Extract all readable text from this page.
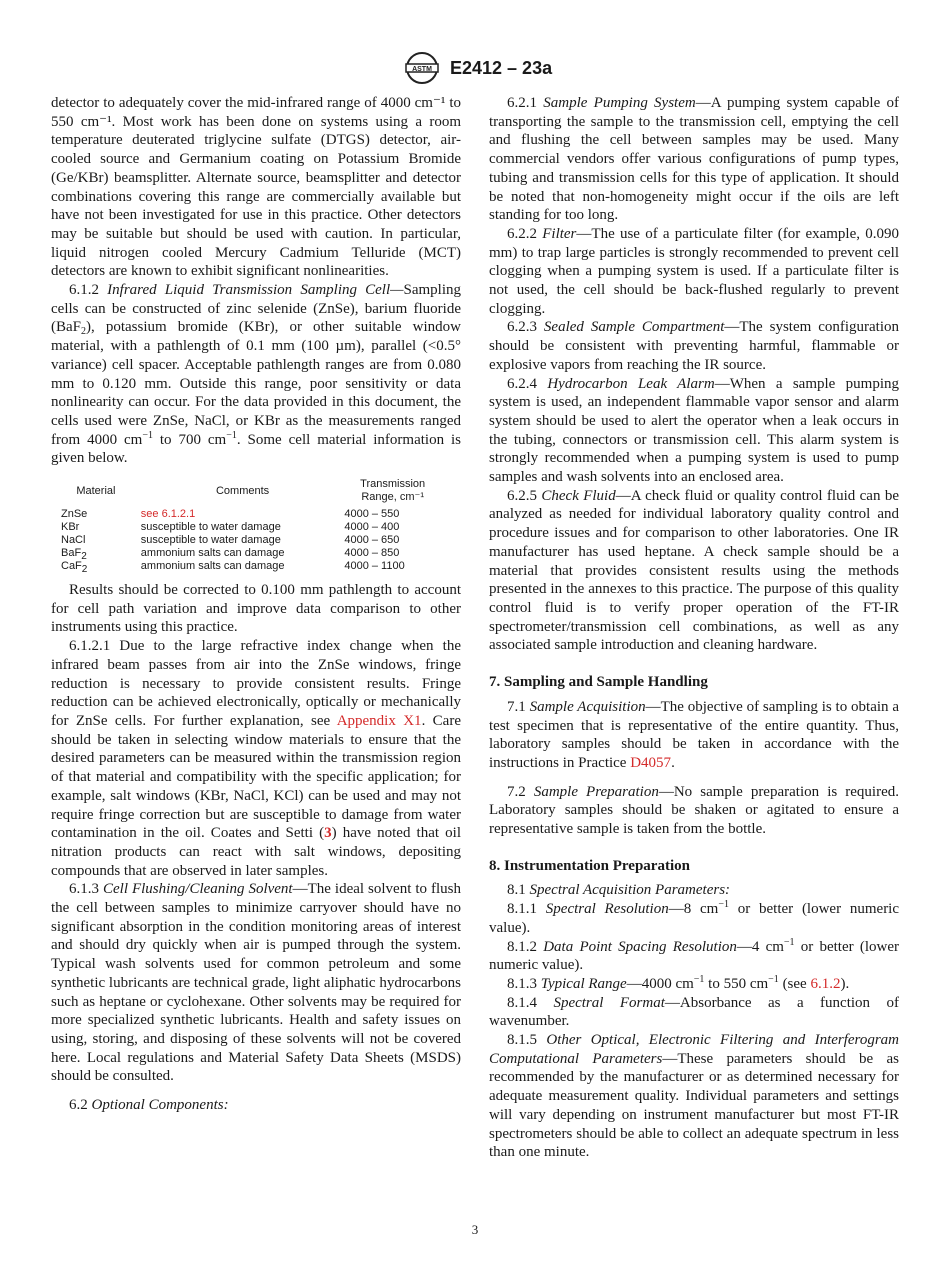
ASTM E2412 – 23a

detector to adequately cover the mid-infrared range of 4000 cm⁻¹ to 550 cm⁻¹. Most work has been done on systems using a room temperature deuterated triglycine sulfate (DTGS) detector, air-cooled source and Germanium coating on Potassium Bromide (Ge/KBr) beamsplitter. Alternate source, beamsplitter and detector combinations covering this range are commercially available but have not been investigated for use in this practice. Other detectors may be suitable but should be used with caution. In particular, liquid nitrogen cooled Mercury Cadmium Telluride (MCT) detectors are known to exhibit significant nonlinearities.

6.1.2 Infrared Liquid Transmission Sampling Cell—Sampling cells can be constructed of zinc selenide (ZnSe), barium fluoride (BaF$_2$), potassium bromide (KBr), or other suitable window material, with a pathlength of 0.1 mm (100 µm), parallel (<0.5° variance) cell spacer. Acceptable pathlength ranges are from 0.080 mm to 0.120 mm. Outside this range, poor sensitivity or data nonlinearity can occur. For the data provided in this document, the cells used were ZnSe, NaCl, or KBr as the measurements ranged from 4000 $cm^{-1}$ to 700 $cm^{-1}$. Some cell material information is given below.

Material	Comments	Transmission Range, cm⁻¹
ZnSe	see 6.1.2.1	4000 – 550
KBr	susceptible to water damage	4000 – 400
NaCl	susceptible to water damage	4000 – 650
BaF$_2$	ammonium salts can damage	4000 – 850
CaF$_2$	ammonium salts can damage	4000 – 1100

Results should be corrected to 0.100 mm pathlength to account for cell path variation and improve data comparison to other instruments using this practice.

6.1.2.1 Due to the large refractive index change when the infrared beam passes from air into the ZnSe windows, fringe reduction is necessary to provide consistent results. Fringe reduction can be achieved electronically, optically or mechanically for ZnSe cells. For further explanation, see Appendix X1. Care should be taken in selecting window materials to ensure that the desired parameters can be measured within the transmission region of that material and compatibility with the specific application; for example, salt windows (KBr, NaCl, KCl) can be used and may not require fringe correction but are susceptible to damage from water contamination in the oil. Coates and Setti (3) have noted that oil nitration products can react with salt windows, depositing compounds that are observed in later samples.

6.1.3 Cell Flushing/Cleaning Solvent—The ideal solvent to flush the cell between samples to minimize carryover should have no significant absorption in the condition monitoring areas of interest and should dry quickly when air is pumped through the system. Typical wash solvents used for common petroleum and some synthetic lubricants are technical grade, light aliphatic hydrocarbons such as heptane or cyclohexane. Other solvents may be required for more specialized synthetic lubricants. Health and safety issues on using, storing, and disposing of these solvents will not be covered here. Local regulations and Material Safety Data Sheets (MSDS) should be consulted.

6.2 Optional Components:

6.2.1 Sample Pumping System—A pumping system capable of transporting the sample to the transmission cell, emptying the cell and flushing the cell between samples may be used. Many commercial vendors offer various configurations of pump types, tubing and transmission cells for this type of application. It should be noted that non-homogeneity might occur if the oils are left standing for too long.

6.2.2 Filter—The use of a particulate filter (for example, 0.090 mm) to trap large particles is strongly recommended to prevent cell clogging when a pumping system is used. If a particulate filter is not used, the cell should be back-flushed regularly to prevent clogging.

6.2.3 Sealed Sample Compartment—The system configuration should be consistent with preventing harmful, flammable or explosive vapors from reaching the IR source.

6.2.4 Hydrocarbon Leak Alarm—When a sample pumping system is used, an independent flammable vapor sensor and alarm system should be used to alert the operator when a leak occurs in the tubing, connectors or transmission cell. This alarm system is strongly recommended when a pumping system is used to pump samples and wash solvents into an enclosed area.

6.2.5 Check Fluid—A check fluid or quality control fluid can be analyzed as needed for individual laboratory quality control and procedure issues and for comparison to other laboratories. One IR manufacturer has used heptane. A check sample should be a material that provides consistent results using the methods presented in the annexes to this practice. The purpose of this quality control fluid is to verify proper operation of the FT-IR spectrometer/transmission cell combinations, as well as any associated sample introduction and cleaning hardware.

7. Sampling and Sample Handling

7.1 Sample Acquisition—The objective of sampling is to obtain a test specimen that is representative of the entire quantity. Thus, laboratory samples should be taken in accordance with the instructions in Practice D4057.

7.2 Sample Preparation—No sample preparation is required. Laboratory samples should be shaken or agitated to ensure a representative sample is taken from the bottle.

8. Instrumentation Preparation

8.1 Spectral Acquisition Parameters:

8.1.1 Spectral Resolution—8 $cm^{-1}$ or better (lower numeric value).

8.1.2 Data Point Spacing Resolution—4 $cm^{-1}$ or better (lower numeric value).

8.1.3 Typical Range—4000 $cm^{-1}$ to 550 $cm^{-1}$ (see 6.1.2).

8.1.4 Spectral Format—Absorbance as a function of wavenumber.

8.1.5 Other Optical, Electronic Filtering and Interferogram Computational Parameters—These parameters should be as recommended by the manufacturer or as determined necessary for adequate measurement quality. Individual parameters and settings will vary depending on instrument manufacturer but most FT-IR spectrometers should be able to collect an adequate spectrum in less than one minute.

3
